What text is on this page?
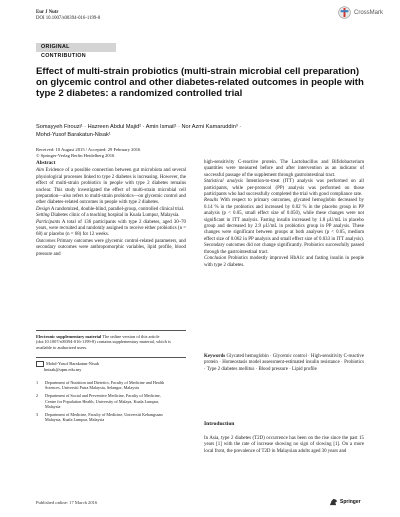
Eur J Nutr
DOI 10.1007/s00394-016-1199-8
CrossMark
ORIGINAL CONTRIBUTION
Effect of multi-strain probiotics (multi-strain microbial cell preparation) on glycemic control and other diabetes-related outcomes in people with type 2 diabetes: a randomized controlled trial
Somayyeh Firouzi¹ · Hazreen Abdul Majid² · Amin Ismail¹ · Nor Azmi Kamaruddin³ ·
Mohd-Yusof Barakatun-Nisak¹
Received: 10 August 2015 / Accepted: 29 February 2016
© Springer-Verlag Berlin Heidelberg 2016
Abstract

Aim Evidence of a possible connection between gut microbiota and several physiological processes linked to type 2 diabetes is increasing. However, the effect of multi-strain probiotics in people with type 2 diabetes remains unclear. This study investigated the effect of multi-strain microbial cell preparation—also refers to multi-strain probiotics—on glycemic control and other diabetes-related outcomes in people with type 2 diabetes.

Design A randomized, double-blind, parallel-group, controlled clinical trial.

Setting Diabetes clinic of a teaching hospital in Kuala Lumpur, Malaysia.

Participants A total of 136 participants with type 2 diabetes, aged 30–70 years, were recruited and randomly assigned to receive either probiotics (n = 68) or placebo (n = 68) for 12 weeks.

Outcomes Primary outcomes were glycemic control-related parameters, and secondary outcomes were anthropomorphic variables, lipid profile, blood pressure and

Electronic supplementary material The online version of this article (doi:10.1007/s00394-016-1199-8) contains supplementary material, which is available to authorized users.
Mohd-Yusof Barakatun-Nisak
bnisak@upm.edu.my
1 Department of Nutrition and Dietetics, Faculty of Medicine and Health Sciences, Universiti Putra Malaysia, Selangor, Malaysia
2 Department of Social and Preventive Medicine, Faculty of Medicine, Centre for Population Health, University of Malaya, Kuala Lumpur, Malaysia
3 Department of Medicine, Faculty of Medicine, Universiti Kebangsaan Malaysia, Kuala Lumpur, Malaysia

high-sensitivity C-reactive protein. The Lactobacillus and Bifidobacterium quantities were measured before and after intervention as an indicator of successful passage of the supplement through gastrointestinal tract.

Statistical analysis Intention-to-treat (ITT) analysis was performed on all participants, while per-protocol (PP) analysis was performed on those participants who had successfully completed the trial with good compliance rate.

Results With respect to primary outcomes, glycated hemoglobin decreased by 0.14 % in the probiotics and increased by 0.02 % in the placebo group in PP analysis (p < 0.05, small effect size of 0.050), while these changes were not significant in ITT analysis. Fasting insulin increased by 1.8 μU/mL in placebo group and decreased by 2.9 μU/mL in probiotics group in PP analysis. These changes were significant between groups at both analyses (p < 0.05, medium effect size of 0.062 in PP analysis and small effect size of 0.033 in ITT analysis). Secondary outcomes did not change significantly. Probiotics successfully passed through the gastrointestinal tract.

Conclusion Probiotics modestly improved HbA1c and fasting insulin in people with type 2 diabetes.

Keywords Glycated hemoglobin · Glycemic control · High-sensitivity C-reactive protein · Homeostasis model assessment-estimated insulin resistance · Probiotics · Type 2 diabetes mellitus · Blood pressure · Lipid profile

Introduction
In Asia, type 2 diabetes (T2D) occurrence has been on the rise since the past 15 years [1] with the rate of increase showing no sign of slowing [1]. On a more local front, the prevalence of T2D in Malaysian adults aged 30 years and
Published online: 17 March 2016	Springer
